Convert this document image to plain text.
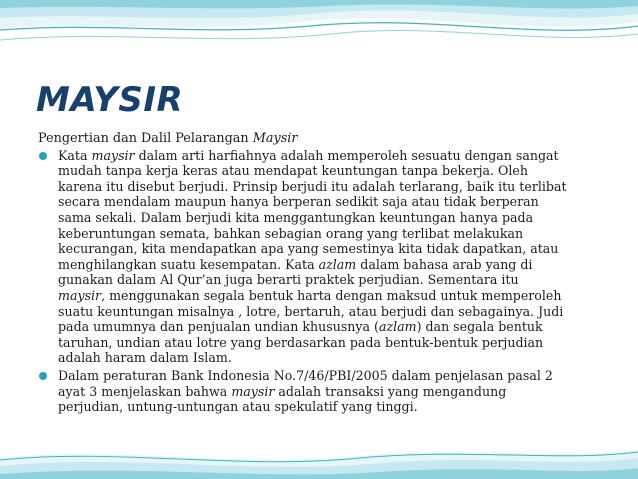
MAYSIR

Pengertian dan Dalil Pelarangan Maysir

Kata maysir dalam arti harfiahnya adalah memperoleh sesuatu dengan sangat
mudah tanpa kerja keras atau mendapat keuntungan tanpa bekerja. Oleh
karena itu disebut berjudi. Prinsip berjudi itu adalah terlarang, baik itu terlibat
secara mendalam maupun hanya berperan sedikit saja atau tidak berperan
sama sekali. Dalam berjudi kita menggantungkan keuntungan hanya pada
keberuntungan semata, bahkan sebagian orang yang terlibat melakukan
kecurangan, kita mendapatkan apa yang semestinya kita tidak dapatkan, atau
menghilangkan suatu kesempatan. Kata azlam dalam bahasa arab yang di
gunakan dalam Al Qur’an juga berarti praktek perjudian. Sementara itu
maysir, menggunakan segala bentuk harta dengan maksud untuk memperoleh
suatu keuntungan misalnya , lotre, bertaruh, atau berjudi dan sebagainya. Judi
pada umumnya dan penjualan undian khususnya (azlam) dan segala bentuk
taruhan, undian atau lotre yang berdasarkan pada bentuk-bentuk perjudian
adalah haram dalam Islam.
Dalam peraturan Bank Indonesia No.7/46/PBI/2005 dalam penjelasan pasal 2
ayat 3 menjelaskan bahwa maysir adalah transaksi yang mengandung
perjudian, untung-untungan atau spekulatif yang tinggi.
